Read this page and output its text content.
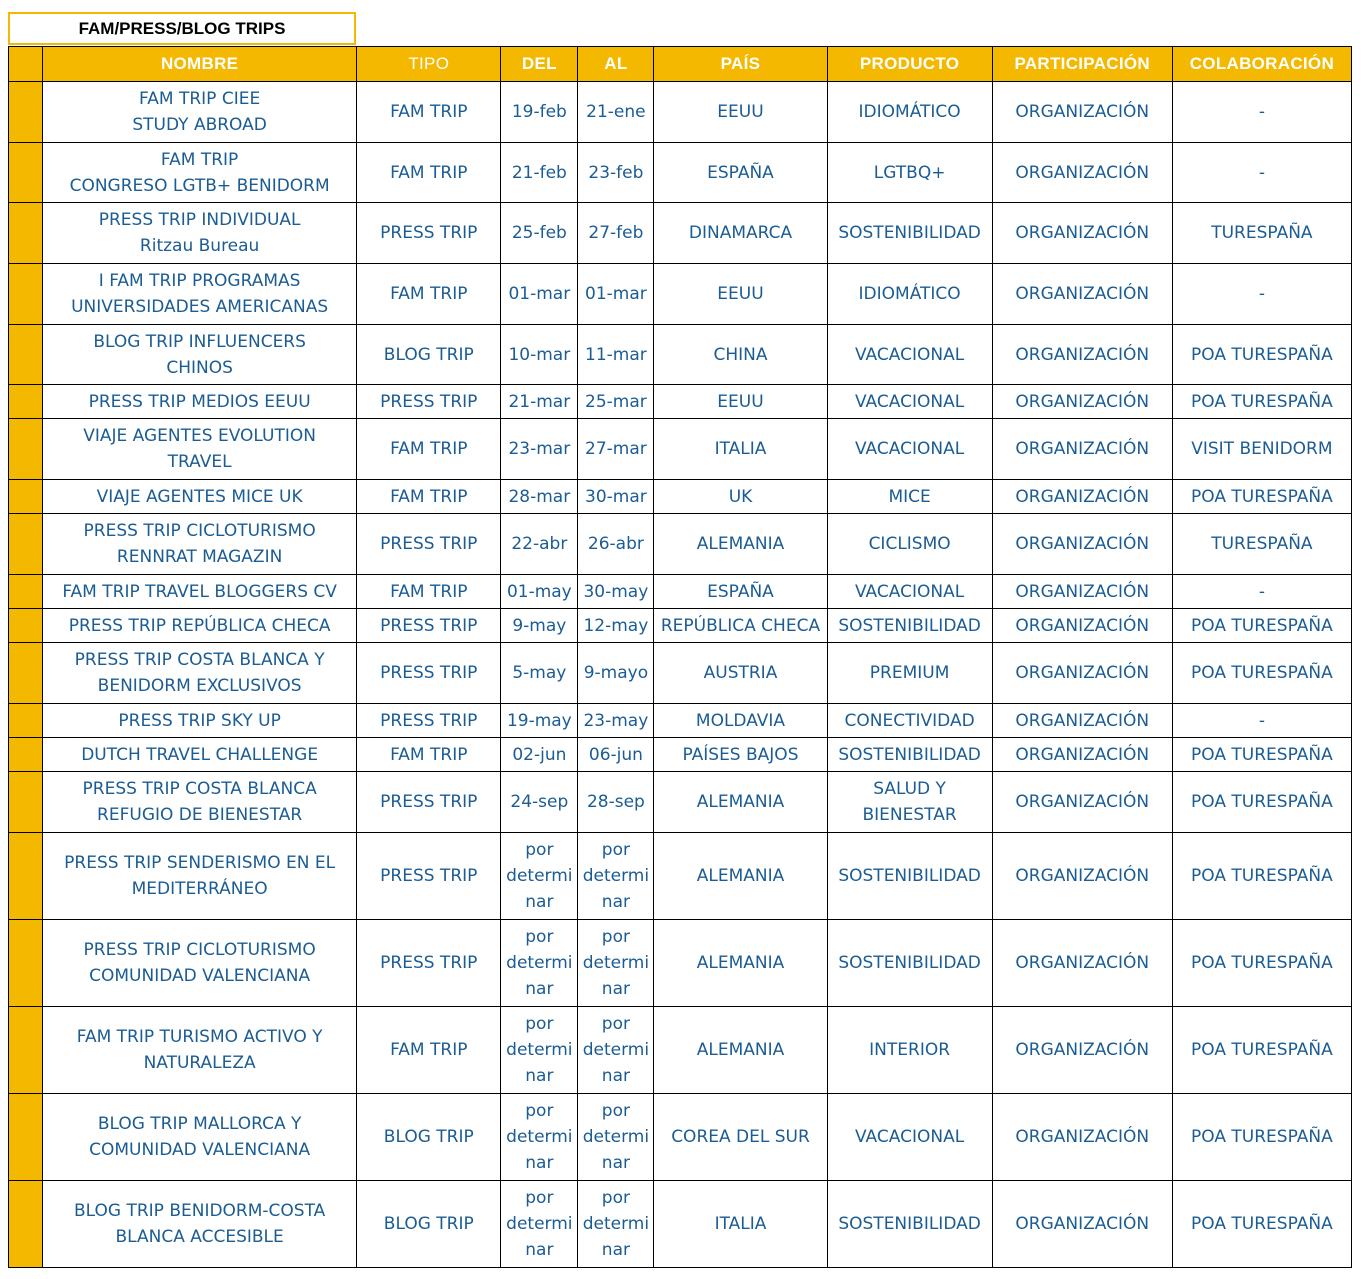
FAM/PRESS/BLOG TRIPS
	NOMBRE	TIPO	DEL	AL	PAÍS	PRODUCTO	PARTICIPACIÓN	COLABORACIÓN

	FAM TRIP CIEE
STUDY ABROAD	FAM TRIP	19-feb	21-ene	EEUU	IDIOMÁTICO	ORGANIZACIÓN	-

	FAM TRIP
CONGRESO LGTB+ BENIDORM	FAM TRIP	21-feb	23-feb	ESPAÑA	LGTBQ+	ORGANIZACIÓN	-

	PRESS TRIP INDIVIDUAL
Ritzau Bureau	PRESS TRIP	25-feb	27-feb	DINAMARCA	SOSTENIBILIDAD	ORGANIZACIÓN	TURESPAÑA

	I FAM TRIP PROGRAMAS
UNIVERSIDADES AMERICANAS	FAM TRIP	01-mar	01-mar	EEUU	IDIOMÁTICO	ORGANIZACIÓN	-

	BLOG TRIP INFLUENCERS
CHINOS	BLOG TRIP	10-mar	11-mar	CHINA	VACACIONAL	ORGANIZACIÓN	POA TURESPAÑA

	PRESS TRIP MEDIOS EEUU	PRESS TRIP	21-mar	25-mar	EEUU	VACACIONAL	ORGANIZACIÓN	POA TURESPAÑA

	VIAJE AGENTES EVOLUTION
TRAVEL	FAM TRIP	23-mar	27-mar	ITALIA	VACACIONAL	ORGANIZACIÓN	VISIT BENIDORM

	VIAJE AGENTES MICE UK	FAM TRIP	28-mar	30-mar	UK	MICE	ORGANIZACIÓN	POA TURESPAÑA

	PRESS TRIP CICLOTURISMO
RENNRAT MAGAZIN	PRESS TRIP	22-abr	26-abr	ALEMANIA	CICLISMO	ORGANIZACIÓN	TURESPAÑA

	FAM TRIP TRAVEL BLOGGERS CV	FAM TRIP	01-may	30-may	ESPAÑA	VACACIONAL	ORGANIZACIÓN	-

	PRESS TRIP REPÚBLICA CHECA	PRESS TRIP	9-may	12-may	REPÚBLICA CHECA	SOSTENIBILIDAD	ORGANIZACIÓN	POA TURESPAÑA

	PRESS TRIP COSTA BLANCA Y
BENIDORM EXCLUSIVOS	PRESS TRIP	5-may	9-mayo	AUSTRIA	PREMIUM	ORGANIZACIÓN	POA TURESPAÑA

	PRESS TRIP SKY UP	PRESS TRIP	19-may	23-may	MOLDAVIA	CONECTIVIDAD	ORGANIZACIÓN	-

	DUTCH TRAVEL CHALLENGE	FAM TRIP	02-jun	06-jun	PAÍSES BAJOS	SOSTENIBILIDAD	ORGANIZACIÓN	POA TURESPAÑA

	PRESS TRIP COSTA BLANCA
REFUGIO DE BIENESTAR	PRESS TRIP	24-sep	28-sep	ALEMANIA	SALUD Y
BIENESTAR	ORGANIZACIÓN	POA TURESPAÑA

	PRESS TRIP SENDERISMO EN EL
MEDITERRÁNEO	PRESS TRIP	por
determi
nar	por
determi
nar	ALEMANIA	SOSTENIBILIDAD	ORGANIZACIÓN	POA TURESPAÑA

	PRESS TRIP CICLOTURISMO
COMUNIDAD VALENCIANA	PRESS TRIP	por
determi
nar	por
determi
nar	ALEMANIA	SOSTENIBILIDAD	ORGANIZACIÓN	POA TURESPAÑA

	FAM TRIP TURISMO ACTIVO Y
NATURALEZA	FAM TRIP	por
determi
nar	por
determi
nar	ALEMANIA	INTERIOR	ORGANIZACIÓN	POA TURESPAÑA

	BLOG TRIP MALLORCA Y
COMUNIDAD VALENCIANA	BLOG TRIP	por
determi
nar	por
determi
nar	COREA DEL SUR	VACACIONAL	ORGANIZACIÓN	POA TURESPAÑA

	BLOG TRIP BENIDORM-COSTA
BLANCA ACCESIBLE	BLOG TRIP	por
determi
nar	por
determi
nar	ITALIA	SOSTENIBILIDAD	ORGANIZACIÓN	POA TURESPAÑA
